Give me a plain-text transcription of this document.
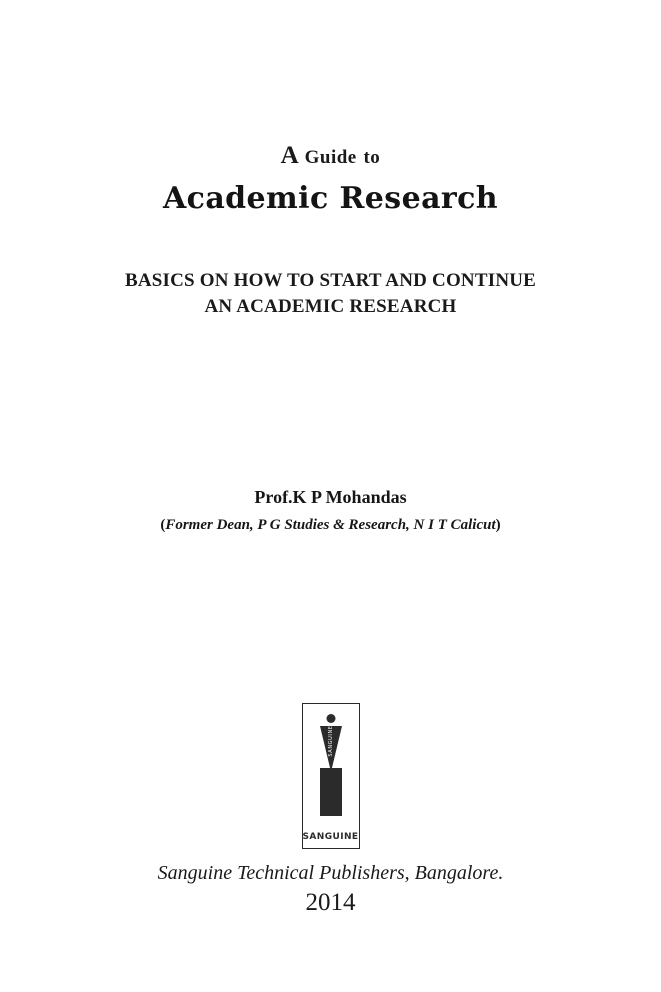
A Guide to
Academic Research
BASICS ON HOW TO START AND CONTINUE
AN ACADEMIC RESEARCH
Prof.K P Mohandas
(Former Dean, P G Studies & Research, N I T Calicut)
SANGUINE
SANGUINE
Sanguine Technical Publishers, Bangalore.
2014
